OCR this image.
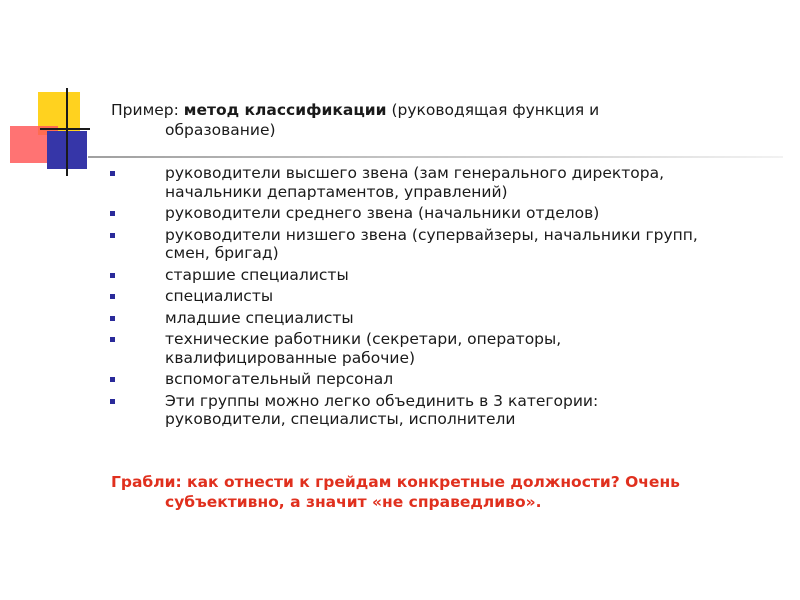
Пример: метод классификации (руководящая функция и
образование)
руководители высшего звена (зам генерального директора,
начальники департаментов, управлений)
руководители среднего звена (начальники отделов)
руководители низшего звена (супервайзеры, начальники групп,
смен, бригад)
старшие специалисты
специалисты
младшие специалисты
технические работники (секретари, операторы,
квалифицированные рабочие)
вспомогательный персонал
Эти группы можно легко объединить в 3 категории:
руководители, специалисты, исполнители
Грабли: как отнести к грейдам конкретные должности? Очень
субъективно, а значит «не справедливо».
